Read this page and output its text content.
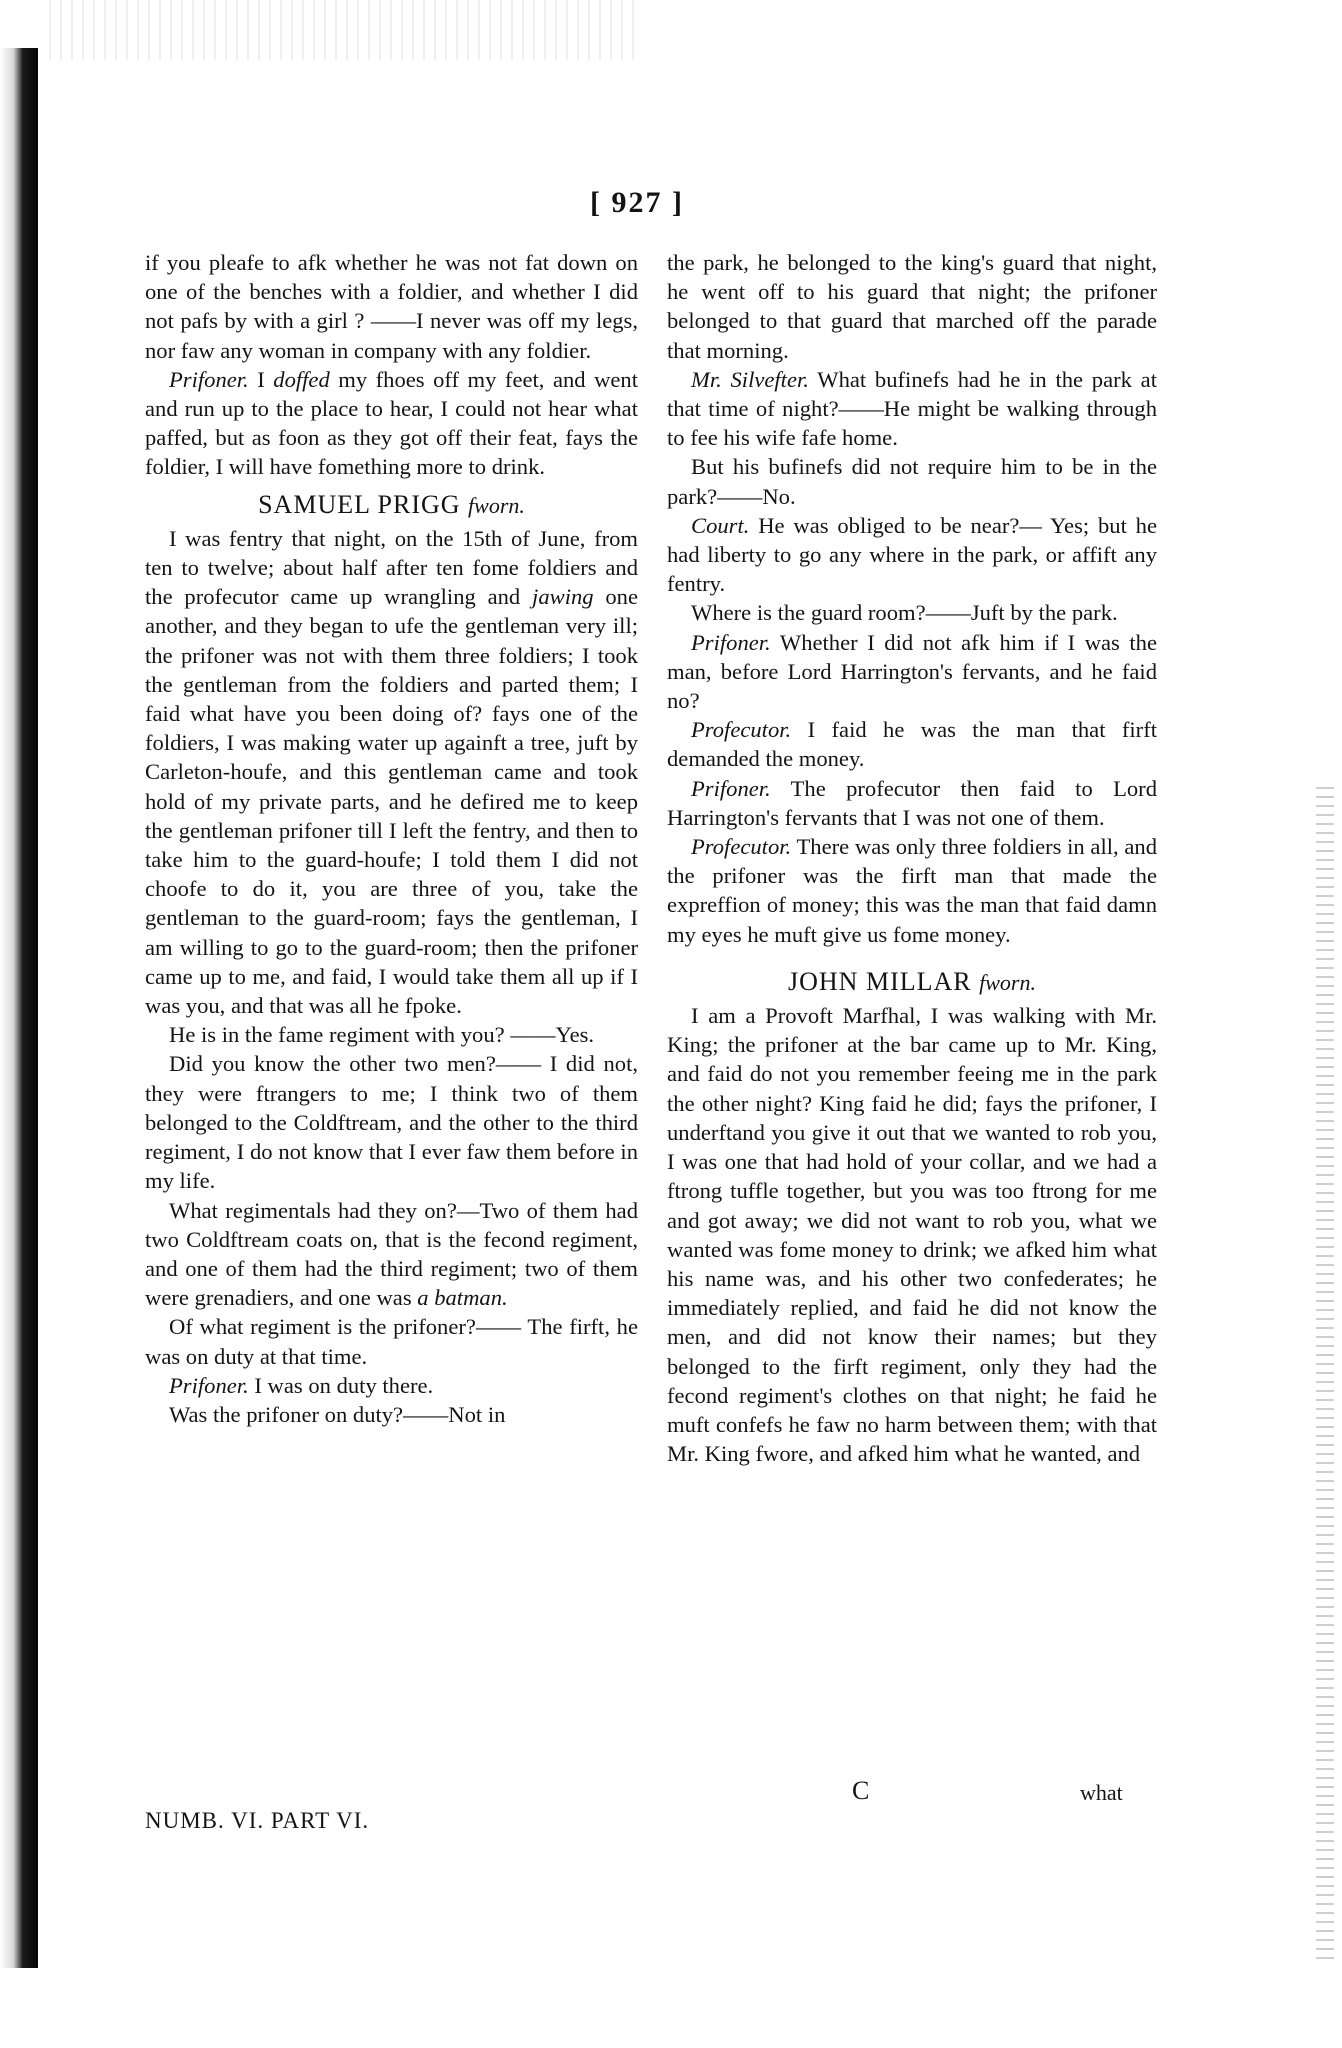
[ 927 ]

if you pleafe to afk whether he was not fat down on one of the benches with a foldier, and whether I did not pafs by with a girl ? ——I never was off my legs, nor faw any woman in company with any foldier.

Prifoner. I doffed my fhoes off my feet, and went and run up to the place to hear, I could not hear what paffed, but as foon as they got off their feat, fays the foldier, I will have fomething more to drink.

SAMUEL PRIGG fworn.

I was fentry that night, on the 15th of June, from ten to twelve; about half after ten fome foldiers and the profecutor came up wrangling and jawing one another, and they began to ufe the gentleman very ill; the prifoner was not with them three foldiers; I took the gentleman from the foldiers and parted them; I faid what have you been doing of? fays one of the foldiers, I was making water up againft a tree, juft by Carleton-houfe, and this gentleman came and took hold of my private parts, and he defired me to keep the gentleman prifoner till I left the fentry, and then to take him to the guard-houfe; I told them I did not choofe to do it, you are three of you, take the gentleman to the guard-room; fays the gentleman, I am willing to go to the guard-room; then the prifoner came up to me, and faid, I would take them all up if I was you, and that was all he fpoke.

He is in the fame regiment with you? ——Yes.

Did you know the other two men?—— I did not, they were ftrangers to me; I think two of them belonged to the Coldftream, and the other to the third regiment, I do not know that I ever faw them before in my life.

What regimentals had they on?—Two of them had two Coldftream coats on, that is the fecond regiment, and one of them had the third regiment; two of them were grenadiers, and one was a batman.

Of what regiment is the prifoner?—— The firft, he was on duty at that time.

Prifoner. I was on duty there.

Was the prifoner on duty?——Not in

the park, he belonged to the king's guard that night, he went off to his guard that night; the prifoner belonged to that guard that marched off the parade that morning.

Mr. Silvefter. What bufinefs had he in the park at that time of night?——He might be walking through to fee his wife fafe home.

But his bufinefs did not require him to be in the park?——No.

Court. He was obliged to be near?— Yes; but he had liberty to go any where in the park, or affift any fentry.

Where is the guard room?——Juft by the park.

Prifoner. Whether I did not afk him if I was the man, before Lord Harrington's fervants, and he faid no?

Profecutor. I faid he was the man that firft demanded the money.

Prifoner. The profecutor then faid to Lord Harrington's fervants that I was not one of them.

Profecutor. There was only three foldiers in all, and the prifoner was the firft man that made the expreffion of money; this was the man that faid damn my eyes he muft give us fome money.

JOHN MILLAR fworn.

I am a Provoft Marfhal, I was walking with Mr. King; the prifoner at the bar came up to Mr. King, and faid do not you remember feeing me in the park the other night? King faid he did; fays the prifoner, I underftand you give it out that we wanted to rob you, I was one that had hold of your collar, and we had a ftrong tuffle together, but you was too ftrong for me and got away; we did not want to rob you, what we wanted was fome money to drink; we afked him what his name was, and his other two confederates; he immediately replied, and faid he did not know the men, and did not know their names; but they belonged to the firft regiment, only they had the fecond regiment's clothes on that night; he faid he muft confefs he faw no harm between them; with that Mr. King fwore, and afked him what he wanted, and

NUMB. VI. PART VI.
C	what
